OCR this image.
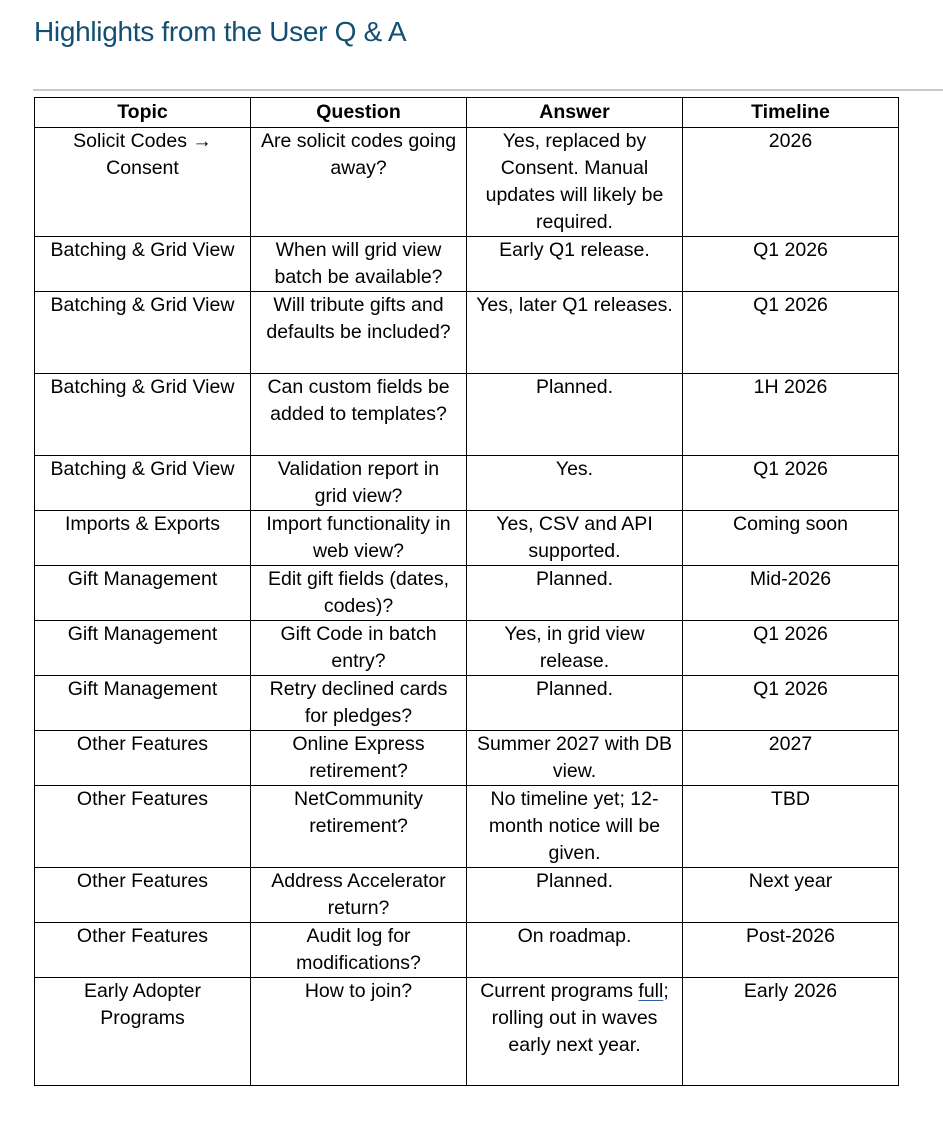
Highlights from the User Q & A
Topic	Question	Answer	Timeline
Solicit Codes → Consent	Are solicit codes going away?	Yes, replaced by Consent. Manual updates will likely be required.	2026
Batching & Grid View	When will grid view batch be available?	Early Q1 release.	Q1 2026
Batching & Grid View	Will tribute gifts and defaults be included?	Yes, later Q1 releases.	Q1 2026
Batching & Grid View	Can custom fields be added to templates?	Planned.	1H 2026
Batching & Grid View	Validation report in grid view?	Yes.	Q1 2026
Imports & Exports	Import functionality in web view?	Yes, CSV and API supported.	Coming soon
Gift Management	Edit gift fields (dates, codes)?	Planned.	Mid-2026
Gift Management	Gift Code in batch entry?	Yes, in grid view release.	Q1 2026
Gift Management	Retry declined cards for pledges?	Planned.	Q1 2026
Other Features	Online Express retirement?	Summer 2027 with DB view.	2027
Other Features	NetCommunity retirement?	No timeline yet; 12-month notice will be given.	TBD
Other Features	Address Accelerator return?	Planned.	Next year
Other Features	Audit log for modifications?	On roadmap.	Post-2026
Early Adopter Programs	How to join?	Current programs full; rolling out in waves early next year.	Early 2026
